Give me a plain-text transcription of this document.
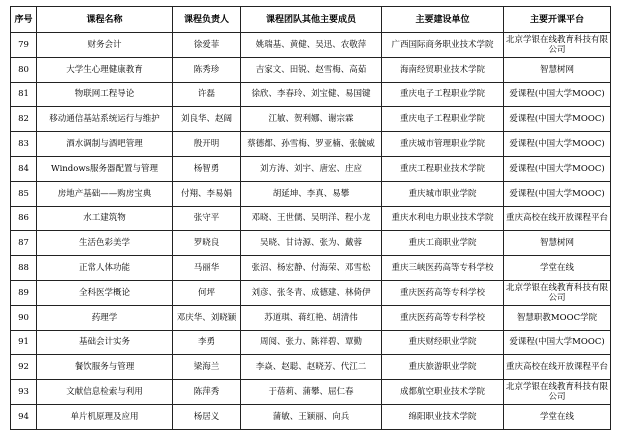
序号	课程名称	课程负责人	课程团队其他主要成员	主要建设单位	主要开课平台
79	财务会计	徐爱菲	姚瑞基、黄健、吴迅、农敬萍	广西国际商务职业技术学院	北京学银在线教育科技有限公司
80	大学生心理健康教育	陈秀珍	吉家文、田锐、赵雪梅、高茹	海南经贸职业技术学院	智慧树网
81	物联网工程导论	许磊	徐欣、李春玲、刘宝健、易国键	重庆电子工程职业学院	爱课程(中国大学MOOC)
82	移动通信基站系统运行与维护	刘良华、赵阔	江敏、贺利娜、谢宗霖	重庆电子工程职业学院	爱课程(中国大学MOOC)
83	酒水调制与酒吧管理	殷开明	蔡德都、孙雪梅、罗亚楠、张毓威	重庆城市管理职业学院	爱课程(中国大学MOOC)
84	Windows服务器配置与管理	杨智勇	刘方涛、刘宇、唐宏、庄应	重庆工程职业技术学院	爱课程(中国大学MOOC)
85	房地产基础——购房宝典	付翔、李易娟	胡延坤、李真、易攀	重庆城市职业学院	爱课程(中国大学MOOC)
86	水工建筑物	张守平	邓晓、王世儒、吴明洋、程小龙	重庆水利电力职业技术学院	重庆高校在线开放课程平台
87	生活色彩美学	罗晓良	吴晓、甘诗源、张为、戴蓉	重庆工商职业学院	智慧树网
88	正常人体功能	马丽华	张沼、杨宏静、付海荣、邓雪松	重庆三峡医药高等专科学校	学堂在线
89	全科医学概论	何坪	刘彦、张冬青、成德建、林倚伊	重庆医药高等专科学校	北京学银在线教育科技有限公司
90	药理学	邓庆华、刘晓颖	苏道琪、蒋红艳、胡清伟	重庆医药高等专科学校	智慧职教MOOC学院
91	基础会计实务	李勇	周阅、张力、陈祥碧、覃勤	重庆财经职业学院	爱课程(中国大学MOOC)
92	餐饮服务与管理	梁海兰	李焱、赵聪、赵晓芳、代江二	重庆旅游职业学院	重庆高校在线开放课程平台
93	文献信息检索与利用	陈萍秀	于蓓莉、蒲攀、屈仁春	成都航空职业技术学院	北京学银在线教育科技有限公司
94	单片机原理及应用	杨居义	蒲敏、王颖丽、向兵	绵阳职业技术学院	学堂在线
